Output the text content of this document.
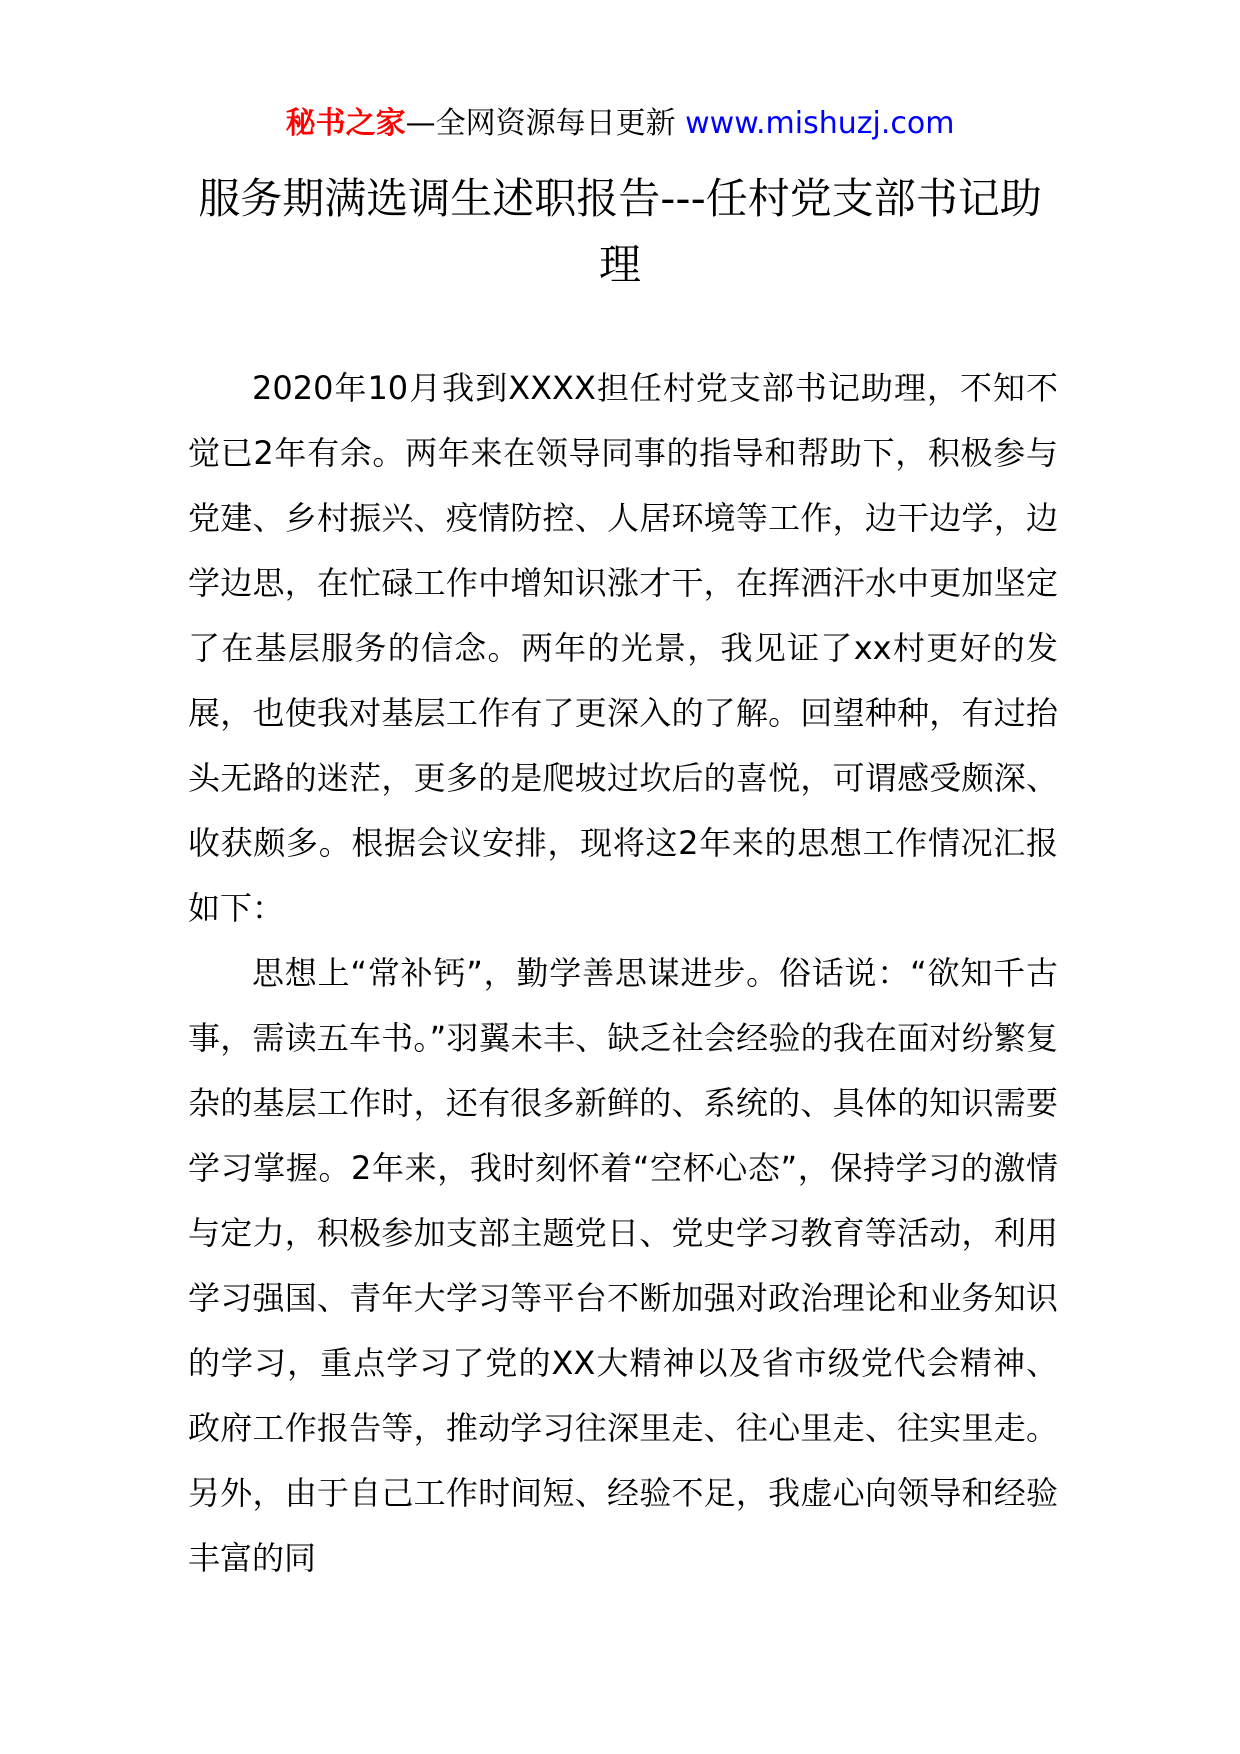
秘书之家—全网资源每日更新 www.mishuzj.com
服务期满选调生述职报告---任村党支部书记助理

2020年10月我到XXXX担任村党支部书记助理，不知不觉已2年有余。两年来在领导同事的指导和帮助下，积极参与党建、乡村振兴、疫情防控、人居环境等工作，边干边学，边学边思，在忙碌工作中增知识涨才干，在挥洒汗水中更加坚定了在基层服务的信念。两年的光景，我见证了xx村更好的发展，也使我对基层工作有了更深入的了解。回望种种，有过抬头无路的迷茫，更多的是爬坡过坎后的喜悦，可谓感受颇深、收获颇多。根据会议安排，现将这2年来的思想工作情况汇报如下：

思想上“常补钙”，勤学善思谋进步。俗话说：“欲知千古事，需读五车书。”羽翼未丰、缺乏社会经验的我在面对纷繁复杂的基层工作时，还有很多新鲜的、系统的、具体的知识需要学习掌握。2年来，我时刻怀着“空杯心态”，保持学习的激情与定力，积极参加支部主题党日、党史学习教育等活动，利用学习强国、青年大学习等平台不断加强对政治理论和业务知识的学习，重点学习了党的XX大精神以及省市级党代会精神、政府工作报告等，推动学习往深里走、往心里走、往实里走。另外，由于自己工作时间短、经验不足，我虚心向领导和经验丰富的同
